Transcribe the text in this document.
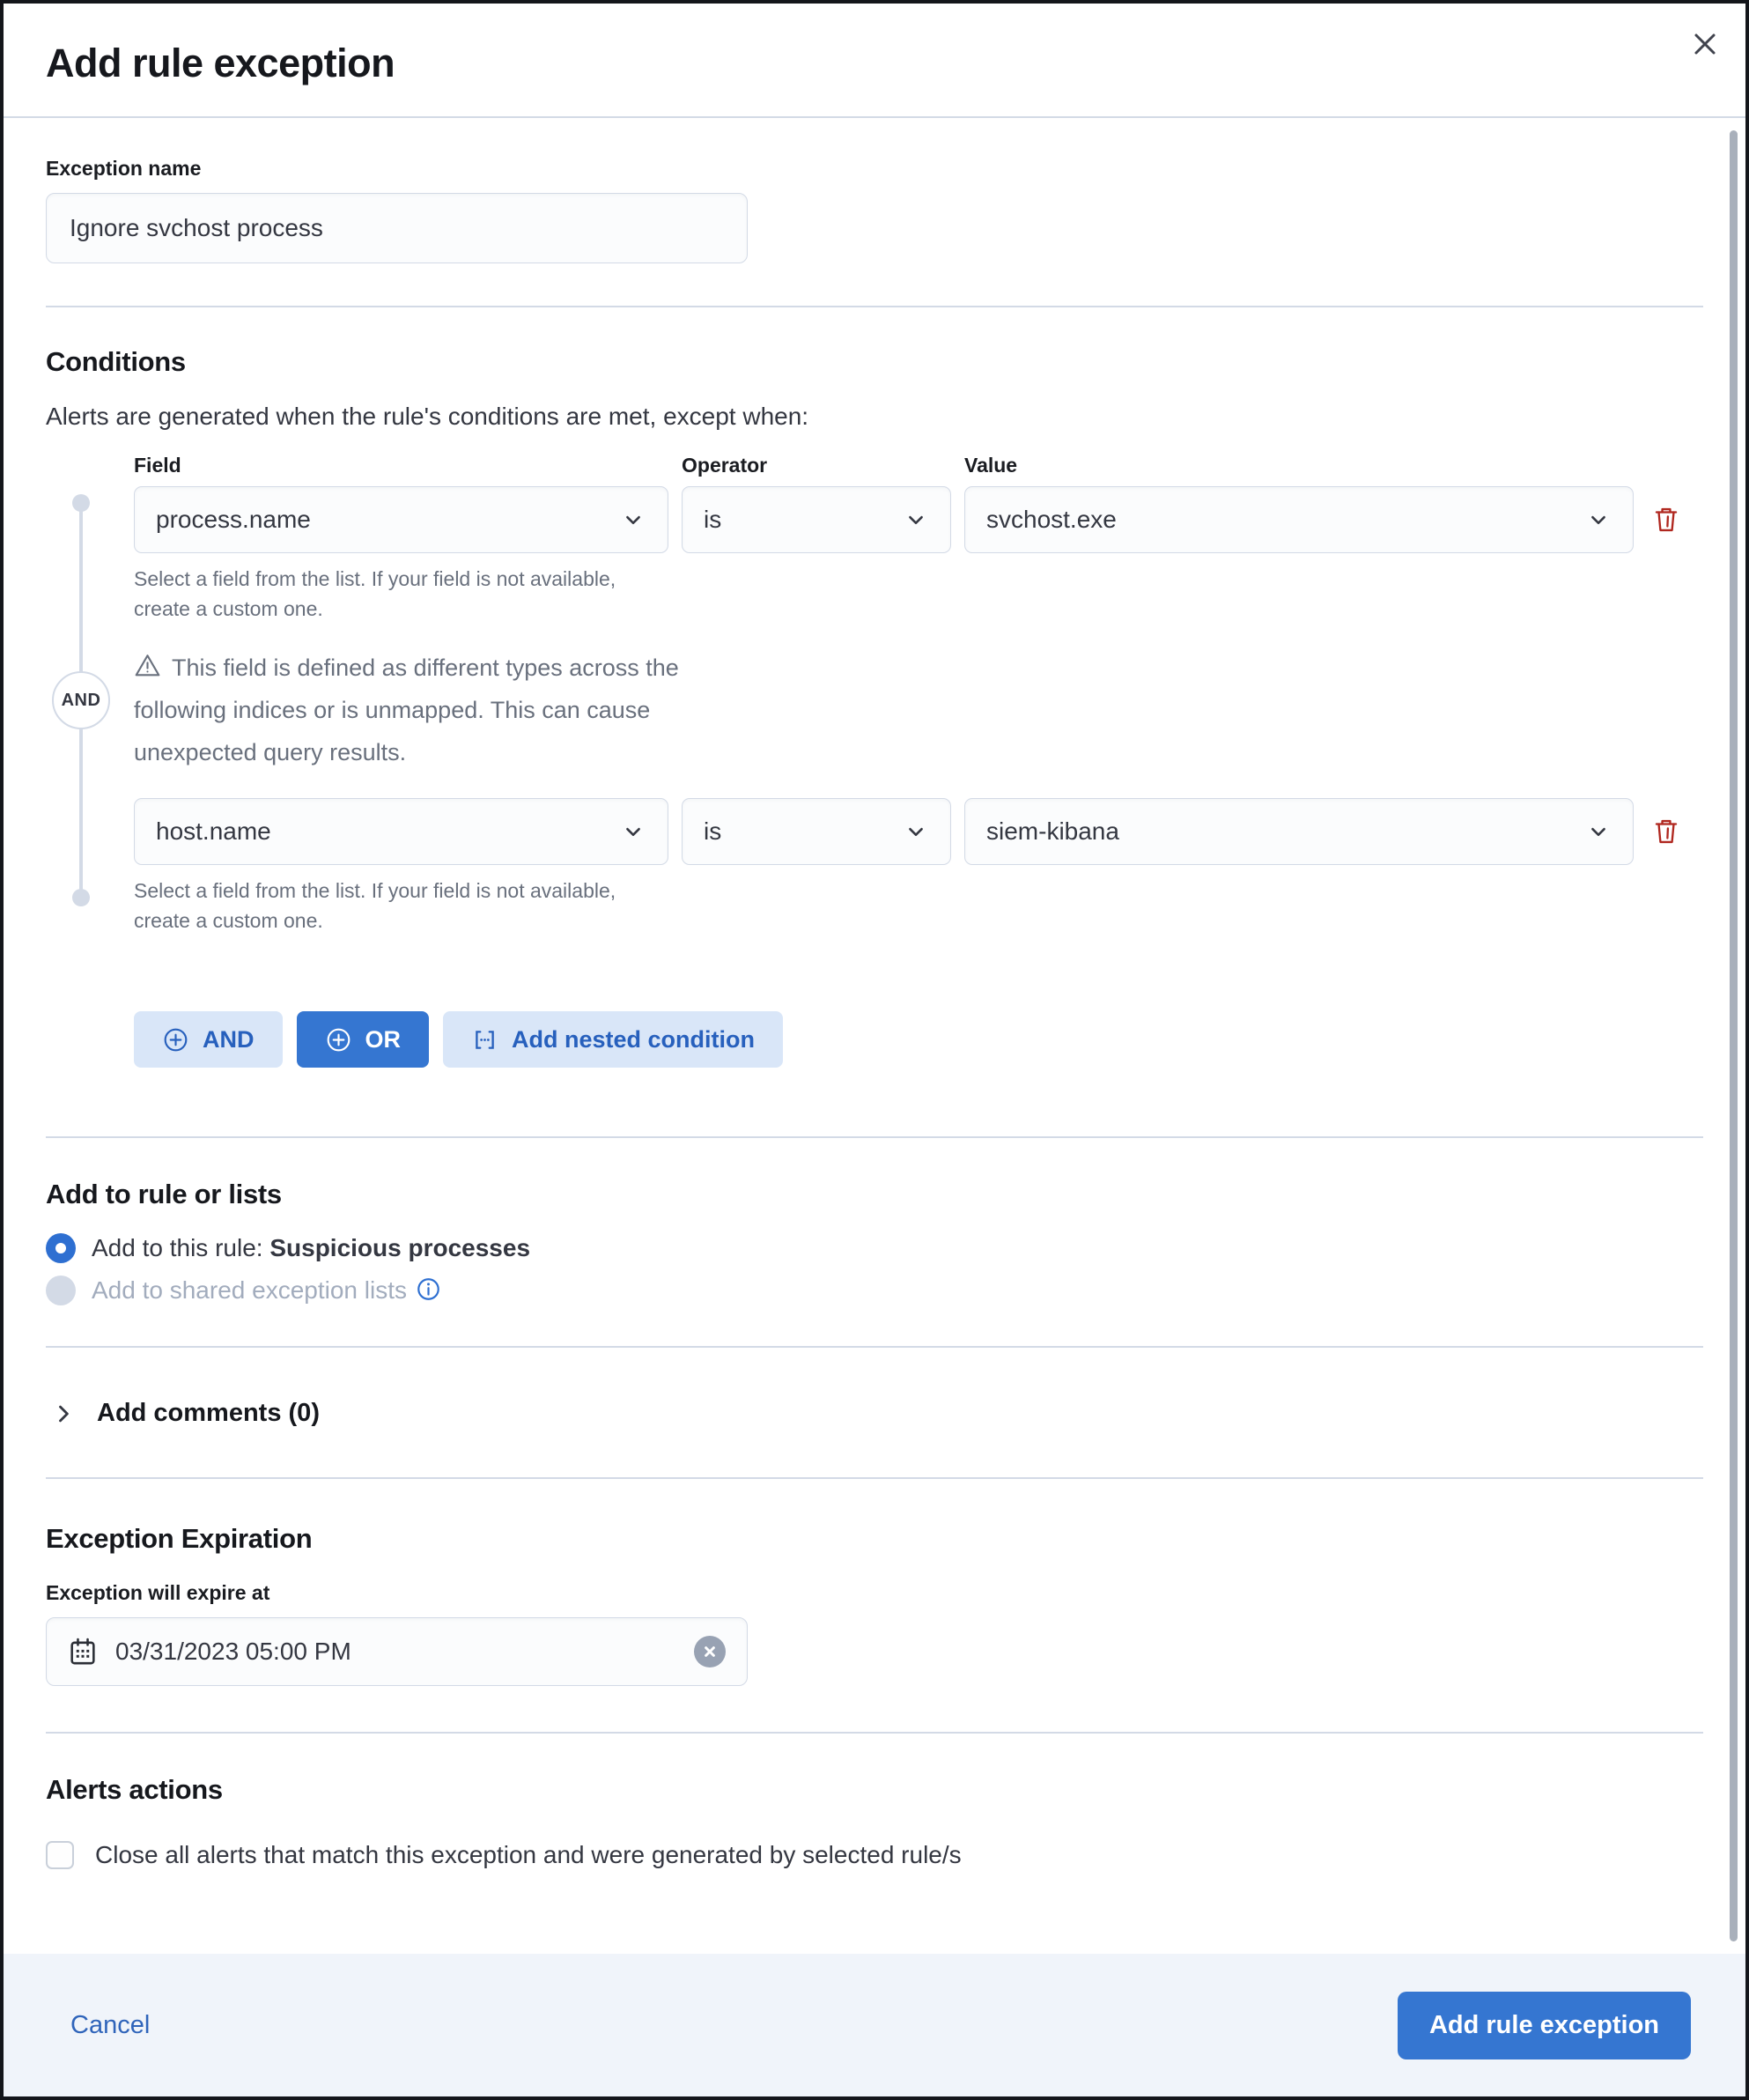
Add rule exception
Exception name
Ignore svchost process
Conditions

Alerts are generated when the rule's conditions are met, except when:

AND
Field	Operator	Value
process.name	is	svchost.exe
Select a field from the list. If your field is not available, create a custom one.
This field is defined as different types across the following indices or is unmapped. This can cause unexpected query results.
host.name	is	siem-kibana
Select a field from the list. If your field is not available, create a custom one.
AND	OR	Add nested condition
Add to rule or lists
Add to this rule: Suspicious processes
Add to shared exception lists
Add comments (0)
Exception Expiration
Exception will expire at
03/31/2023 05:00 PM
Alerts actions
Close all alerts that match this exception and were generated by selected rule/s
Cancel	Add rule exception
